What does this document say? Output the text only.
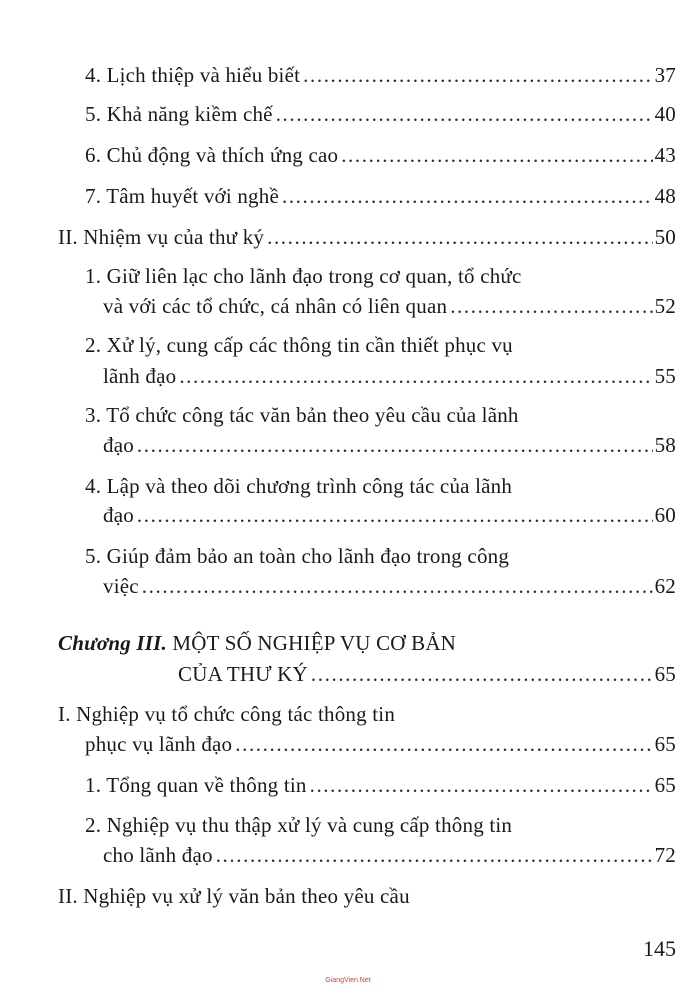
4. Lịch thiệp và hiểu biết .....	37
5. Khả năng kiềm chế .....	40
6. Chủ động và thích ứng cao .....	43
7. Tâm huyết với nghề .....	48
II. Nhiệm vụ của thư ký .....	50
1. Giữ liên lạc cho lãnh đạo trong cơ quan, tổ chức
và với các tổ chức, cá nhân có liên quan .....	52
2. Xử lý, cung cấp các thông tin cần thiết phục vụ
lãnh đạo .....	55
3. Tổ chức công tác văn bản theo yêu cầu của lãnh
đạo .....	58
4. Lập và theo dõi chương trình công tác của lãnh
đạo .....	60
5. Giúp đảm bảo an toàn cho lãnh đạo trong công
việc .....	62
Chương III. MỘT SỐ NGHIỆP VỤ CƠ BẢN
CỦA THƯ KÝ .....	65
I. Nghiệp vụ tổ chức công tác thông tin
phục vụ lãnh đạo .....	65
1. Tổng quan về thông tin .....	65
2. Nghiệp vụ thu thập xử lý và cung cấp thông tin
cho lãnh đạo .....	72
II. Nghiệp vụ xử lý văn bản theo yêu cầu
145
GiangVien.Net
